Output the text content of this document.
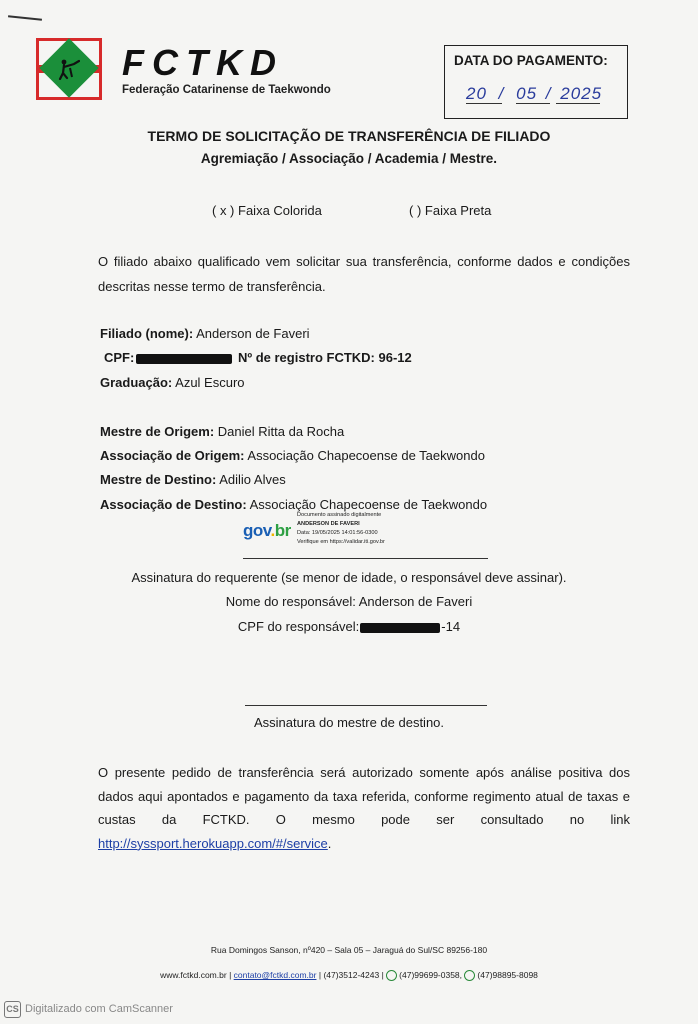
FCTKD
Federação Catarinense de Taekwondo
DATA DO PAGAMENTO:
20 / 05 / 2025
TERMO DE SOLICITAÇÃO DE TRANSFERÊNCIA DE FILIADO
Agremiação / Associação / Academia / Mestre.
( x ) Faixa Colorida	( ) Faixa Preta
O filiado abaixo qualificado vem solicitar sua transferência, conforme dados e condições descritas nesse termo de transferência.
Filiado (nome): Anderson de Faveri
CPF:	Nº de registro FCTKD: 96-12
Graduação: Azul Escuro
Mestre de Origem: Daniel Ritta da Rocha
Associação de Origem: Associação Chapecoense de Taekwondo
Mestre de Destino: Adilio Alves
Associação de Destino: Associação Chapecoense de Taekwondo
gov.br
Documento assinado digitalmente
ANDERSON DE FAVERI
Data: 19/05/2025 14:01:56-0300
Verifique em https://validar.iti.gov.br
Assinatura do requerente (se menor de idade, o responsável deve assinar).
Nome do responsável: Anderson de Faveri
CPF do responsável:	-14
Assinatura do mestre de destino.
O presente pedido de transferência será autorizado somente após análise positiva dos dados aqui apontados e pagamento da taxa referida, conforme regimento atual de taxas e custas da FCTKD. O mesmo pode ser consultado no link http://syssport.herokuapp.com/#/service.
Rua Domingos Sanson, nº420 – Sala 05 – Jaraguá do Sul/SC 89256-180
www.fctkd.com.br | contato@fctkd.com.br | (47)3512-4243 | (47)99699-0358, (47)98895-8098
CS Digitalizado com CamScanner
